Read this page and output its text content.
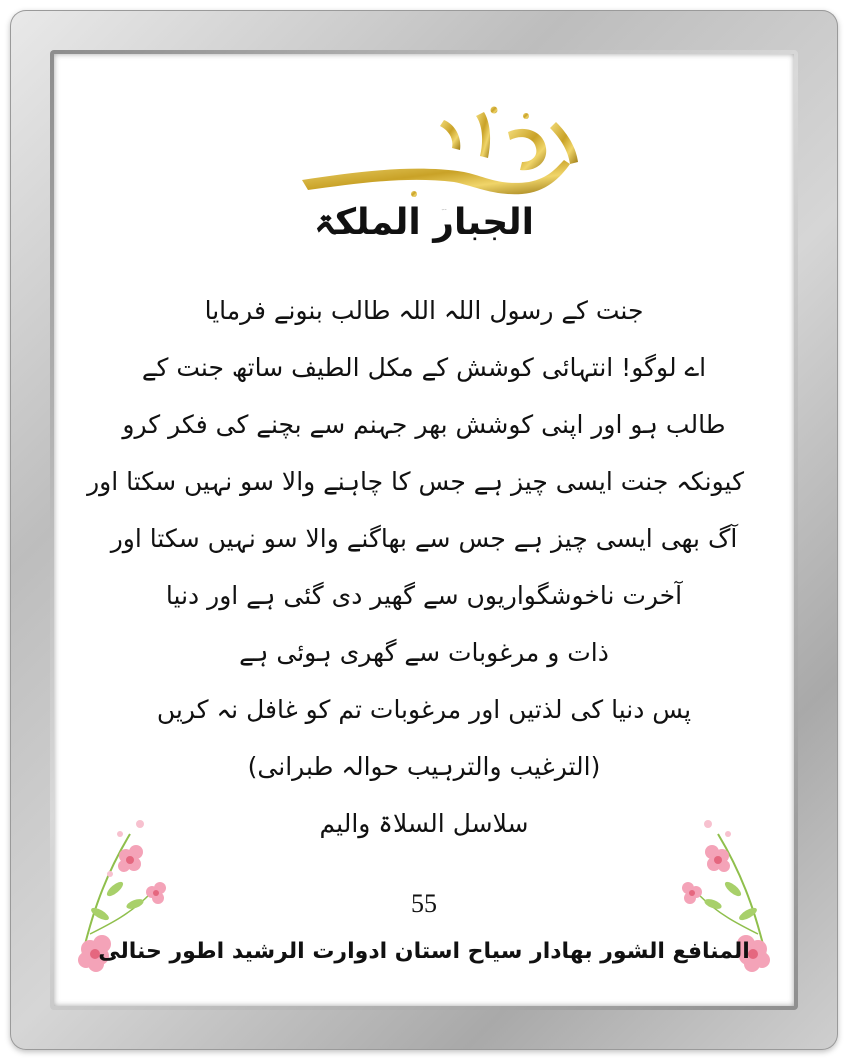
الجبار الملکۃ
جنت کے رسول اللہ اللہ طالب بنونے فرمایا
اے لوگو! انتہائی کوشش کے مکل الطیف ساتھ جنت کے
طالب ہو اور اپنی کوشش بھر جہنم سے بچنے کی فکر کرو
کیونکہ جنت ایسی چیز ہے جس کا چاہنے والا سو نہیں سکتا اور
آگ بھی ایسی چیز ہے جس سے بھاگنے والا سو نہیں سکتا اور
آخرت ناخوشگواریوں سے گھیر دی گئی ہے اور دنیا
ذات و مرغوبات سے گھری ہوئی ہے
پس دنیا کی لذتیں اور مرغوبات تم کو غافل نہ کریں
(الترغیب والترہیب حوالہ طبرانی)
سلاسل السلاۃ والیم
55
المنافع الشور بھادار سیاح استان ادوارت الرشید اطور حنالی
